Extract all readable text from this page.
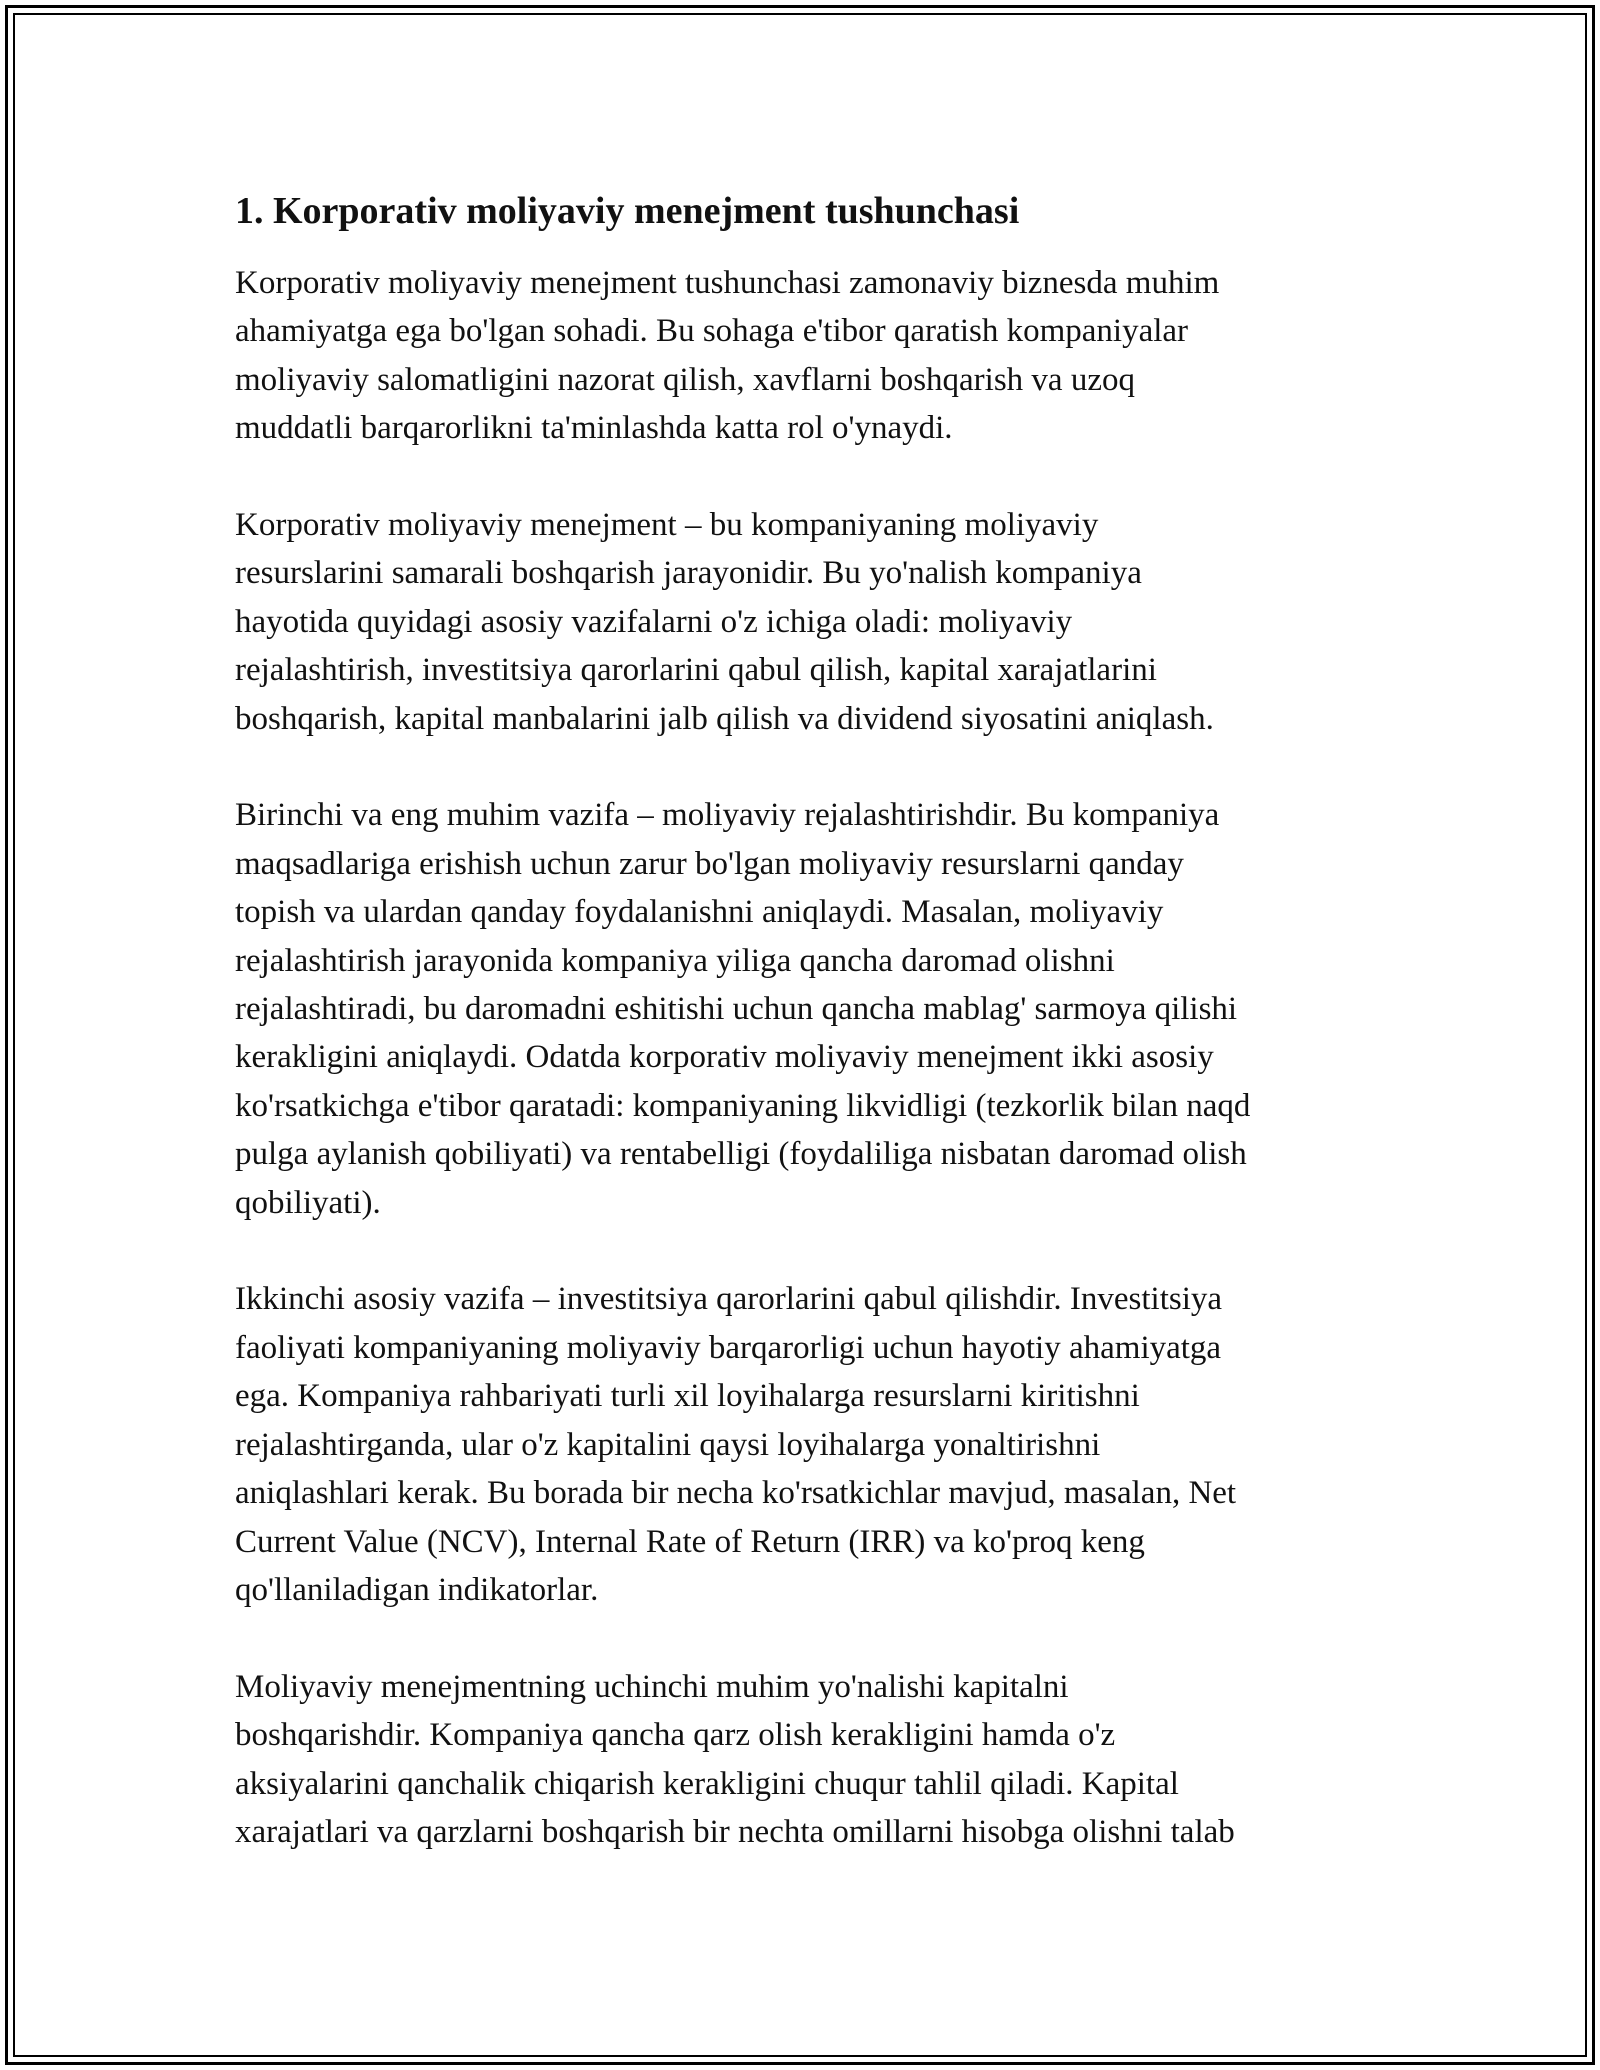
1. Korporativ moliyaviy menejment tushunchasi

Korporativ moliyaviy menejment tushunchasi zamonaviy biznesda muhim
ahamiyatga ega bo'lgan sohadi. Bu sohaga e'tibor qaratish kompaniyalar
moliyaviy salomatligini nazorat qilish, xavflarni boshqarish va uzoq
muddatli barqarorlikni ta'minlashda katta rol o'ynaydi.

Korporativ moliyaviy menejment – bu kompaniyaning moliyaviy
resurslarini samarali boshqarish jarayonidir. Bu yo'nalish kompaniya
hayotida quyidagi asosiy vazifalarni o'z ichiga oladi: moliyaviy
rejalashtirish, investitsiya qarorlarini qabul qilish, kapital xarajatlarini
boshqarish, kapital manbalarini jalb qilish va dividend siyosatini aniqlash.

Birinchi va eng muhim vazifa – moliyaviy rejalashtirishdir. Bu kompaniya
maqsadlariga erishish uchun zarur bo'lgan moliyaviy resurslarni qanday
topish va ulardan qanday foydalanishni aniqlaydi. Masalan, moliyaviy
rejalashtirish jarayonida kompaniya yiliga qancha daromad olishni
rejalashtiradi, bu daromadni eshitishi uchun qancha mablag' sarmoya qilishi
kerakligini aniqlaydi. Odatda korporativ moliyaviy menejment ikki asosiy
ko'rsatkichga e'tibor qaratadi: kompaniyaning likvidligi (tezkorlik bilan naqd
pulga aylanish qobiliyati) va rentabelligi (foydaliliga nisbatan daromad olish
qobiliyati).

Ikkinchi asosiy vazifa – investitsiya qarorlarini qabul qilishdir. Investitsiya
faoliyati kompaniyaning moliyaviy barqarorligi uchun hayotiy ahamiyatga
ega. Kompaniya rahbariyati turli xil loyihalarga resurslarni kiritishni
rejalashtirganda, ular o'z kapitalini qaysi loyihalarga yonaltirishni
aniqlashlari kerak. Bu borada bir necha ko'rsatkichlar mavjud, masalan, Net
Current Value (NCV), Internal Rate of Return (IRR) va ko'proq keng
qo'llaniladigan indikatorlar.

Moliyaviy menejmentning uchinchi muhim yo'nalishi kapitalni
boshqarishdir. Kompaniya qancha qarz olish kerakligini hamda o'z
aksiyalarini qanchalik chiqarish kerakligini chuqur tahlil qiladi. Kapital
xarajatlari va qarzlarni boshqarish bir nechta omillarni hisobga olishni talab
